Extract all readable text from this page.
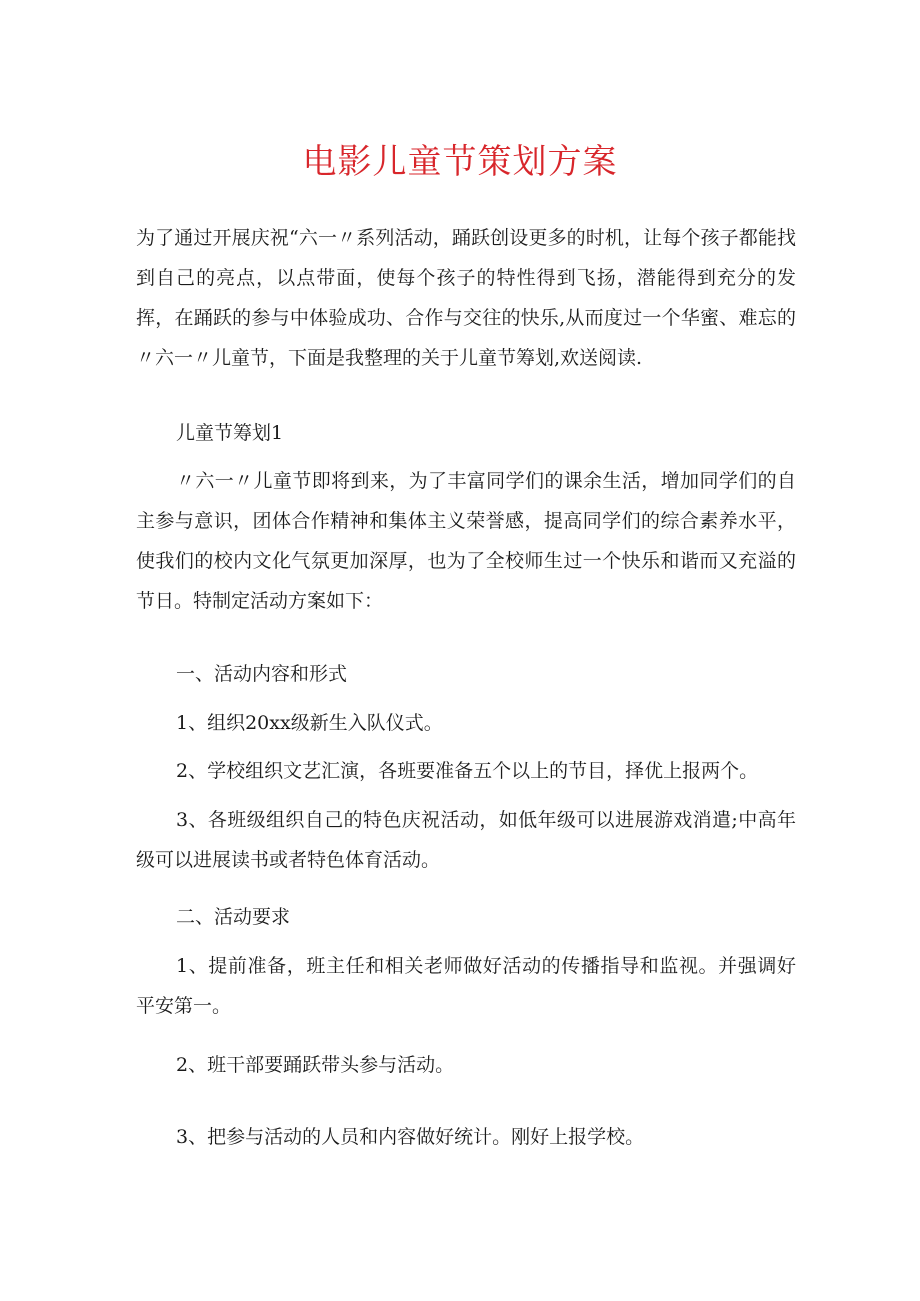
电影儿童节策划方案

为了通过开展庆祝“六一〃系列活动，踊跃创设更多的时机，让每个孩子都能找到自己的亮点，以点带面，使每个孩子的特性得到飞扬，潜能得到充分的发挥，在踊跃的参与中体验成功、合作与交往的快乐,从而度过一个华蜜、难忘的〃六一〃儿童节，下面是我整理的关于儿童节筹划,欢送阅读.

儿童节筹划1

〃六一〃儿童节即将到来，为了丰富同学们的课余生活，增加同学们的自主参与意识，团体合作精神和集体主义荣誉感，提高同学们的综合素养水平，使我们的校内文化气氛更加深厚，也为了全校师生过一个快乐和谐而又充溢的节日。特制定活动方案如下：

一、活动内容和形式

1、组织20xx级新生入队仪式。

2、学校组织文艺汇演，各班要准备五个以上的节目，择优上报两个。

3、各班级组织自己的特色庆祝活动，如低年级可以进展游戏消遣;中高年级可以进展读书或者特色体育活动。

二、活动要求

1、提前准备，班主任和相关老师做好活动的传播指导和监视。并强调好平安第一。

2、班干部要踊跃带头参与活动。

3、把参与活动的人员和内容做好统计。刚好上报学校。
